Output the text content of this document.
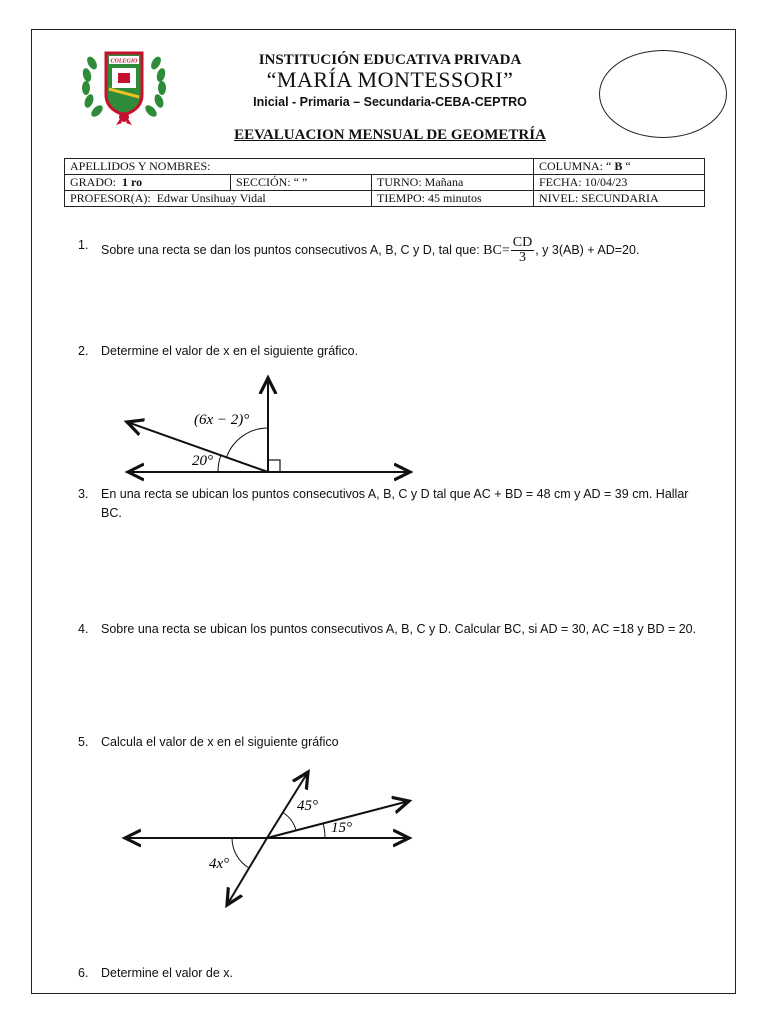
COLEGIO	INSTITUCIÓN EDUCATIVA PRIVADA
“MARÍA MONTESSORI”
Inicial - Primaria – Secundaria-CEBA-CEPTRO
EEVALUACION MENSUAL DE GEOMETRÍA
APELLIDOS Y NOMBRES:			COLUMNA: “ B “
GRADO: 1 ro	SECCIÓN: “ ”	TURNO: Mañana	FECHA: 10/04/23
PROFESOR(A): Edwar Unsihuay Vidal		TIEMPO: 45 minutos	NIVEL: SECUNDARIA
1. Sobre una recta se dan los puntos consecutivos A, B, C y D, tal que: $BC= \frac{CD}{3}$ , y 3(AB) + AD=20.
2. Determine el valor de x en el siguiente gráfico.
(6x − 2)°
20°
3. En una recta se ubican los puntos consecutivos A, B, C y D tal que AC + BD = 48 cm y AD = 39 cm. Hallar BC.
4. Sobre una recta se ubican los puntos consecutivos A, B, C y D. Calcular BC, si AD = 30, AC =18 y BD = 20.
5. Calcula el valor de x en el siguiente gráfico
45°
15°
4x°
6. Determine el valor de x.
